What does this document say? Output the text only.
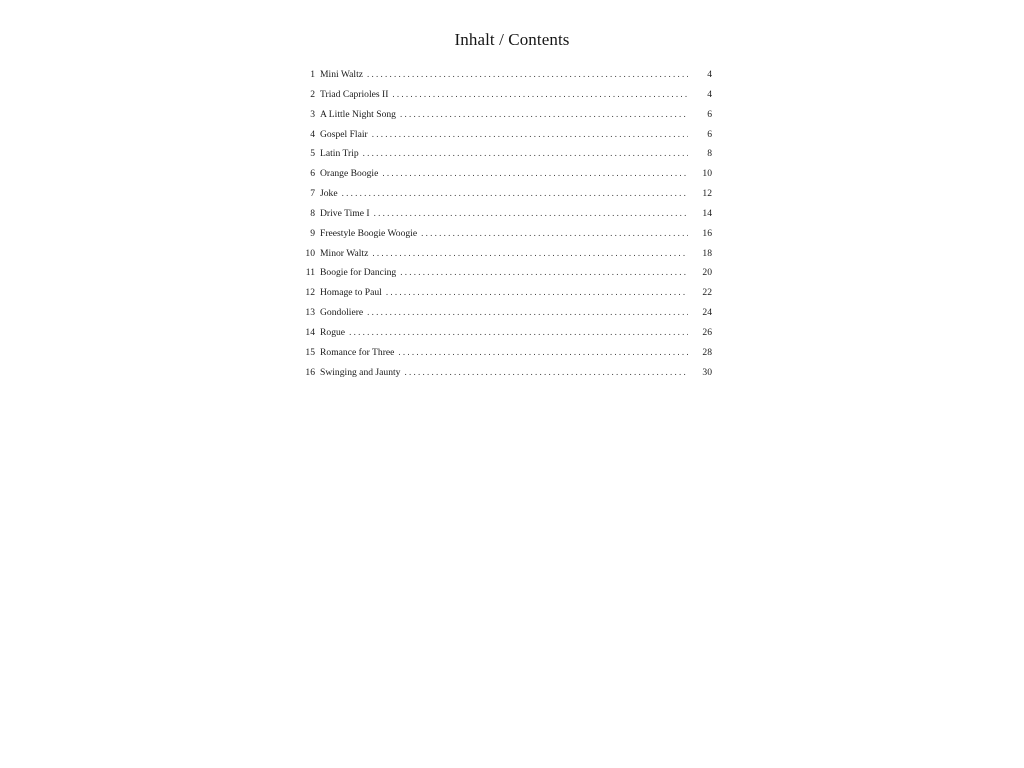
Inhalt / Contents
1 Mini Waltz . . .	4
2 Triad Caprioles II . . .	4
3 A Little Night Song . . .	6
4 Gospel Flair . . .	6
5 Latin Trip . . .	8
6 Orange Boogie . . .	10
7 Joke . . .	12
8 Drive Time I . . .	14
9 Freestyle Boogie Woogie . . .	16
10 Minor Waltz . . .	18
11 Boogie for Dancing . . .	20
12 Homage to Paul . . .	22
13 Gondoliere . . .	24
14 Rogue . . .	26
15 Romance for Three . . .	28
16 Swinging and Jaunty . . .	30
